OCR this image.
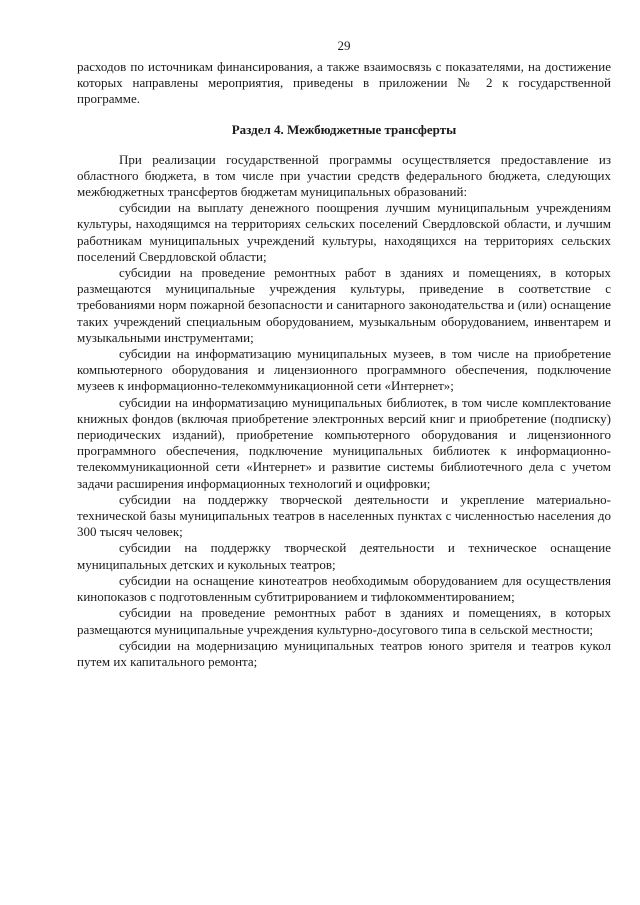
29

расходов по источникам финансирования, а также взаимосвязь с показателями, на достижение которых направлены мероприятия, приведены в приложении № 2 к государственной программе.

Раздел 4. Межбюджетные трансферты

При реализации государственной программы осуществляется предоставление из областного бюджета, в том числе при участии средств федерального бюджета, следующих межбюджетных трансфертов бюджетам муниципальных образований:

субсидии на выплату денежного поощрения лучшим муниципальным учреждениям культуры, находящимся на территориях сельских поселений Свердловской области, и лучшим работникам муниципальных учреждений культуры, находящихся на территориях сельских поселений Свердловской области;

субсидии на проведение ремонтных работ в зданиях и помещениях, в которых размещаются муниципальные учреждения культуры, приведение в соответствие с требованиями норм пожарной безопасности и санитарного законодательства и (или) оснащение таких учреждений специальным оборудованием, музыкальным оборудованием, инвентарем и музыкальными инструментами;

субсидии на информатизацию муниципальных музеев, в том числе на приобретение компьютерного оборудования и лицензионного программного обеспечения, подключение музеев к информационно-телекоммуникационной сети «Интернет»;

субсидии на информатизацию муниципальных библиотек, в том числе комплектование книжных фондов (включая приобретение электронных версий книг и приобретение (подписку) периодических изданий), приобретение компьютерного оборудования и лицензионного программного обеспечения, подключение муниципальных библиотек к информационно-телекоммуникационной сети «Интернет» и развитие системы библиотечного дела с учетом задачи расширения информационных технологий и оцифровки;

субсидии на поддержку творческой деятельности и укрепление материально-технической базы муниципальных театров в населенных пунктах с численностью населения до 300 тысяч человек;

субсидии на поддержку творческой деятельности и техническое оснащение муниципальных детских и кукольных театров;

субсидии на оснащение кинотеатров необходимым оборудованием для осуществления кинопоказов с подготовленным субтитрированием и тифлокомментированием;

субсидии на проведение ремонтных работ в зданиях и помещениях, в которых размещаются муниципальные учреждения культурно-досугового типа в сельской местности;

субсидии на модернизацию муниципальных театров юного зрителя и театров кукол путем их капитального ремонта;
